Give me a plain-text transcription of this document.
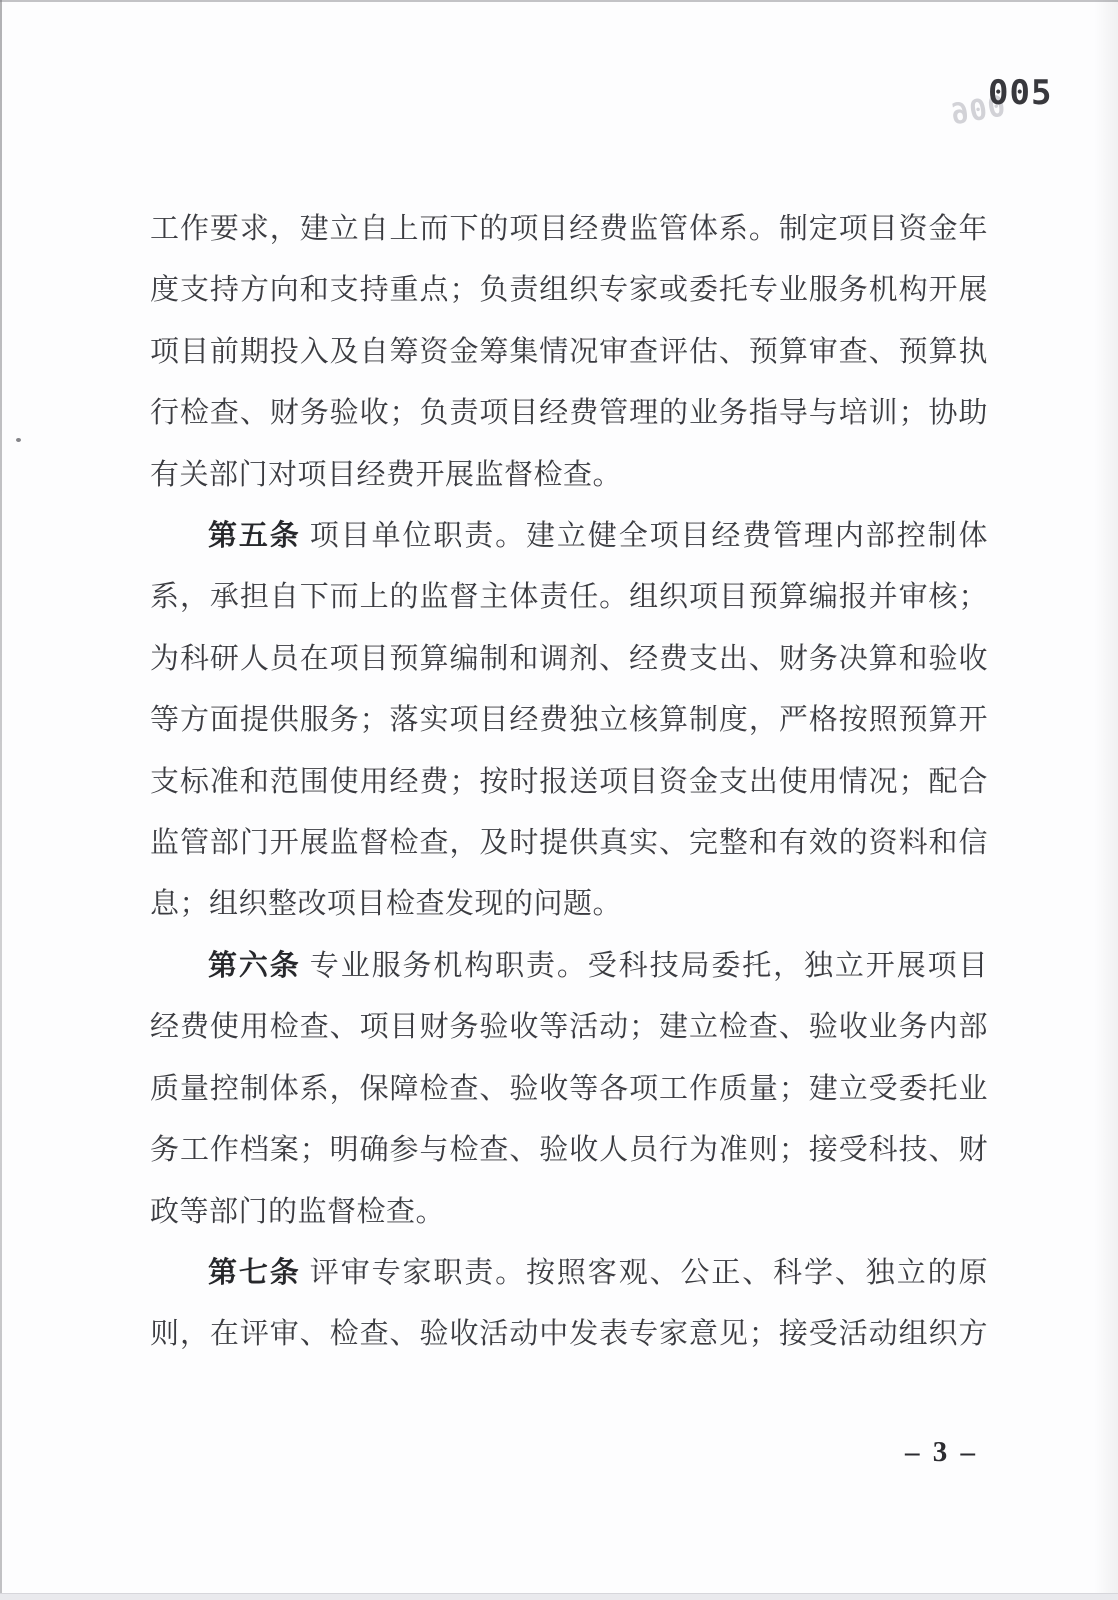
006
005
工作要求，建立自上而下的项目经费监管体系。制定项目资金年
度支持方向和支持重点；负责组织专家或委托专业服务机构开展
项目前期投入及自筹资金筹集情况审查评估、预算审查、预算执
行检查、财务验收；负责项目经费管理的业务指导与培训；协助
有关部门对项目经费开展监督检查。
第五条 项目单位职责。建立健全项目经费管理内部控制体
系，承担自下而上的监督主体责任。组织项目预算编报并审核；
为科研人员在项目预算编制和调剂、经费支出、财务决算和验收
等方面提供服务；落实项目经费独立核算制度，严格按照预算开
支标准和范围使用经费；按时报送项目资金支出使用情况；配合
监管部门开展监督检查，及时提供真实、完整和有效的资料和信
息；组织整改项目检查发现的问题。
第六条 专业服务机构职责。受科技局委托，独立开展项目
经费使用检查、项目财务验收等活动；建立检查、验收业务内部
质量控制体系，保障检查、验收等各项工作质量；建立受委托业
务工作档案；明确参与检查、验收人员行为准则；接受科技、财
政等部门的监督检查。
第七条 评审专家职责。按照客观、公正、科学、独立的原
则，在评审、检查、验收活动中发表专家意见；接受活动组织方
– 3 –
